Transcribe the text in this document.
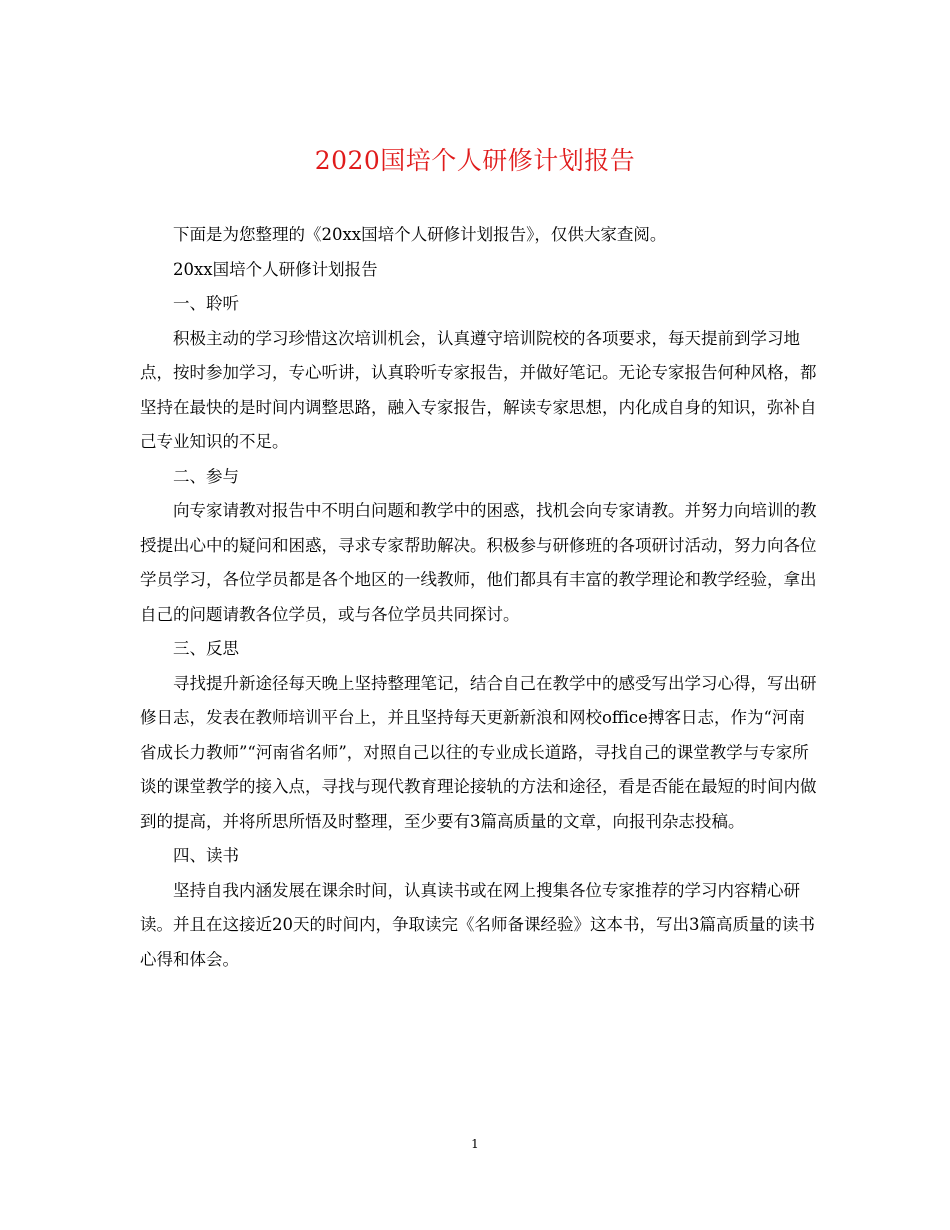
2020国培个人研修计划报告

下面是为您整理的《20xx国培个人研修计划报告》，仅供大家查阅。

20xx国培个人研修计划报告

一、聆听

积极主动的学习珍惜这次培训机会，认真遵守培训院校的各项要求，每天提前到学习地点，按时参加学习，专心听讲，认真聆听专家报告，并做好笔记。无论专家报告何种风格，都坚持在最快的是时间内调整思路，融入专家报告，解读专家思想，内化成自身的知识，弥补自己专业知识的不足。

二、参与

向专家请教对报告中不明白问题和教学中的困惑，找机会向专家请教。并努力向培训的教授提出心中的疑问和困惑，寻求专家帮助解决。积极参与研修班的各项研讨活动，努力向各位学员学习，各位学员都是各个地区的一线教师，他们都具有丰富的教学理论和教学经验，拿出自己的问题请教各位学员，或与各位学员共同探讨。

三、反思

寻找提升新途径每天晚上坚持整理笔记，结合自己在教学中的感受写出学习心得，写出研修日志，发表在教师培训平台上，并且坚持每天更新新浪和网校office搏客日志，作为“河南省成长力教师”“河南省名师”，对照自己以往的专业成长道路，寻找自己的课堂教学与专家所谈的课堂教学的接入点，寻找与现代教育理论接轨的方法和途径，看是否能在最短的时间内做到的提高，并将所思所悟及时整理，至少要有3篇高质量的文章，向报刊杂志投稿。

四、读书

坚持自我内涵发展在课余时间，认真读书或在网上搜集各位专家推荐的学习内容精心研读。并且在这接近20天的时间内，争取读完《名师备课经验》这本书，写出3篇高质量的读书心得和体会。

1
